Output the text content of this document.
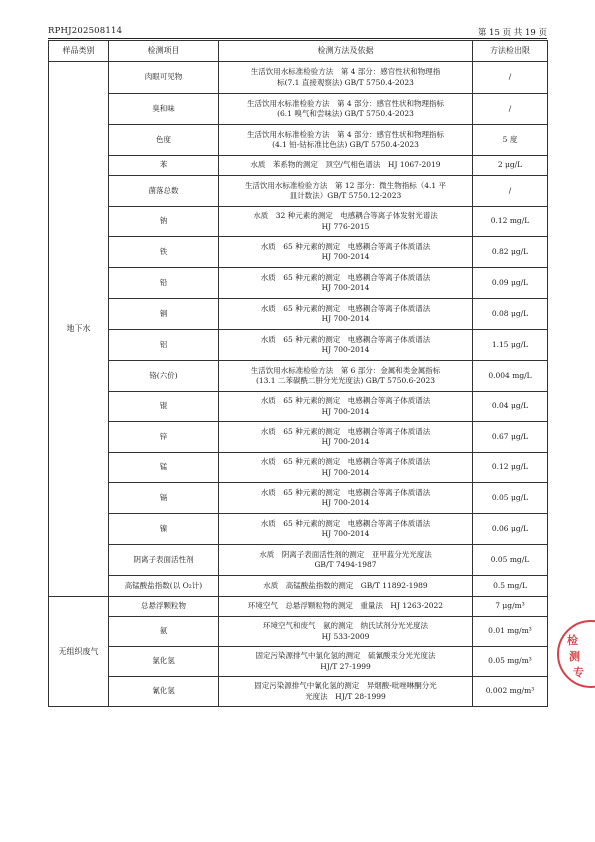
RPHJ202508114	第 15 页 共 19 页
样品类别	检测项目	检测方法及依据	方法检出限
地下水	肉眼可见物	生活饮用水标准检验方法　第 4 部分：感官性状和物理指
标(7.1 直接观察法) GB/T 5750.4-2023	/
	臭和味	生活饮用水标准检验方法　第 4 部分：感官性状和物理指标
(6.1 嗅气和尝味法) GB/T 5750.4-2023	/
	色度	生活饮用水标准检验方法　第 4 部分：感官性状和物理指标
(4.1 铂-钴标准比色法) GB/T 5750.4-2023	5 度
	苯	水质　苯系物的测定　顶空/气相色谱法　HJ 1067-2019	2 μg/L
	菌落总数	生活饮用水标准检验方法　第 12 部分：微生物指标（4.1 平
皿计数法）GB/T 5750.12-2023	/
	钠	水质　32 种元素的测定　电感耦合等离子体发射光谱法
HJ 776-2015	0.12 mg/L
	铁	水质　65 种元素的测定　电感耦合等离子体质谱法
HJ 700-2014	0.82 μg/L
	铅	水质　65 种元素的测定　电感耦合等离子体质谱法
HJ 700-2014	0.09 μg/L
	铜	水质　65 种元素的测定　电感耦合等离子体质谱法
HJ 700-2014	0.08 μg/L
	铝	水质　65 种元素的测定　电感耦合等离子体质谱法
HJ 700-2014	1.15 μg/L
	铬(六价)	生活饮用水标准检验方法　第 6 部分：金属和类金属指标
(13.1 二苯碳酰二肼分光光度法) GB/T 5750.6-2023	0.004 mg/L
	锟	水质　65 种元素的测定　电感耦合等离子体质谱法
HJ 700-2014	0.04 μg/L
	锌	水质　65 种元素的测定　电感耦合等离子体质谱法
HJ 700-2014	0.67 μg/L
	锰	水质　65 种元素的测定　电感耦合等离子体质谱法
HJ 700-2014	0.12 μg/L
	镉	水质　65 种元素的测定　电感耦合等离子体质谱法
HJ 700-2014	0.05 μg/L
	镍	水质　65 种元素的测定　电感耦合等离子体质谱法
HJ 700-2014	0.06 μg/L
	阴离子表面活性剂	水质　阴离子表面活性剂的测定　亚甲蓝分光光度法
GB/T 7494-1987	0.05 mg/L
	高锰酸盐指数(以 O₂计)	水质　高锰酸盐指数的测定　GB/T 11892-1989	0.5 mg/L
无组织废气	总悬浮颗粒物	环境空气　总悬浮颗粒物的测定　重量法　HJ 1263-2022	7 μg/m³
	氨	环境空气和废气　氨的测定　纳氏试剂分光光度法
HJ 533-2009	0.01 mg/m³
	氯化氢	固定污染源排气中氯化氢的测定　硫氰酸汞分光光度法
HJ/T 27-1999	0.05 mg/m³
	氰化氢	固定污染源排气中氰化氢的测定　异烟酸-吡唑啉酮分光
光度法　HJ/T 28-1999	0.002 mg/m³
检
测
专
